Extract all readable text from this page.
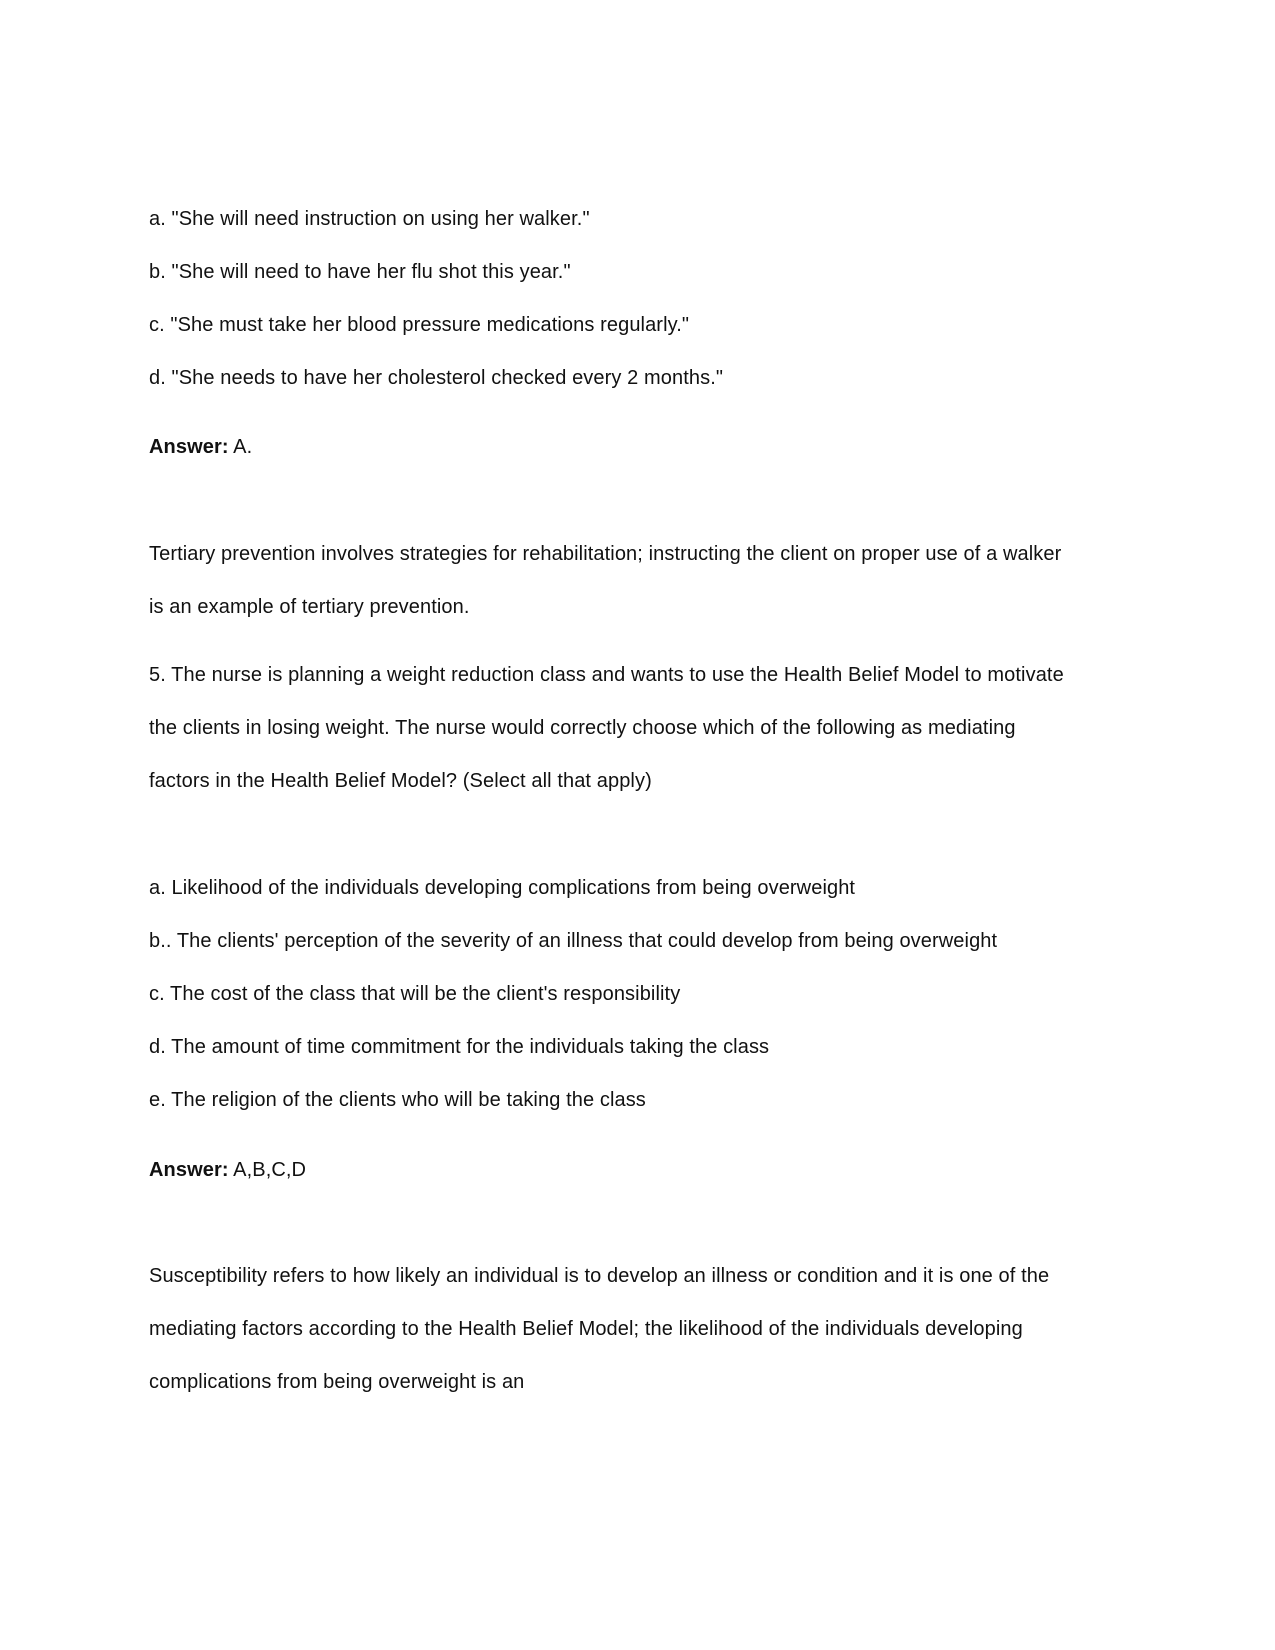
a. "She will need instruction on using her walker."
b. "She will need to have her flu shot this year."
c. "She must take her blood pressure medications regularly."
d. "She needs to have her cholesterol checked every 2 months."
Answer: A.
Tertiary prevention involves strategies for rehabilitation; instructing the client on proper use of a walker
is an example of tertiary prevention.
5. The nurse is planning a weight reduction class and wants to use the Health Belief Model to motivate
the clients in losing weight. The nurse would correctly choose which of the following as mediating
factors in the Health Belief Model? (Select all that apply)
a. Likelihood of the individuals developing complications from being overweight
b.. The clients' perception of the severity of an illness that could develop from being overweight
c. The cost of the class that will be the client's responsibility
d. The amount of time commitment for the individuals taking the class
e. The religion of the clients who will be taking the class
Answer: A,B,C,D
Susceptibility refers to how likely an individual is to develop an illness or condition and it is one of the
mediating factors according to the Health Belief Model; the likelihood of the individuals developing
complications from being overweight is an
